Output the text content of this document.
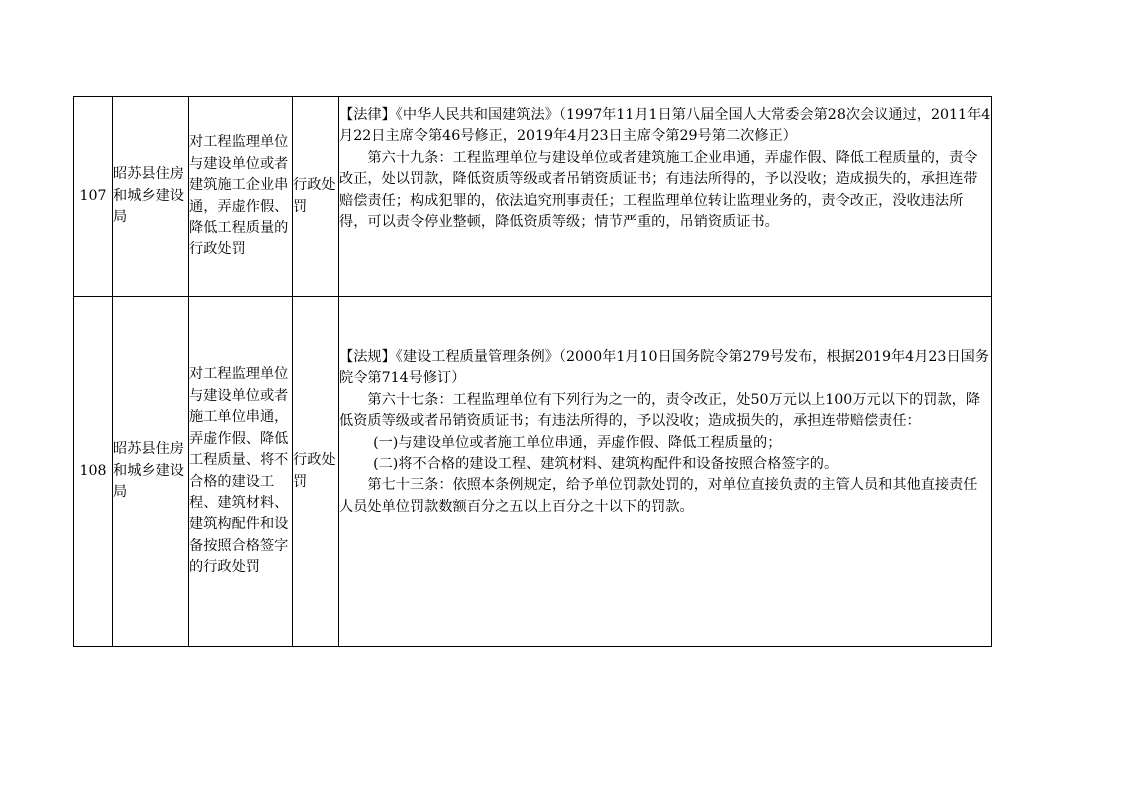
107	昭苏县住房和城乡建设局	对工程监理单位与建设单位或者建筑施工企业串通，弄虚作假、降低工程质量的行政处罚	行政处罚	【法律】《中华人民共和国建筑法》（1997年11月1日第八届全国人大常委会第28次会议通过，2011年4月22日主席令第46号修正，2019年4月23日主席令第29号第二次修正）
第六十九条：工程监理单位与建设单位或者建筑施工企业串通，弄虚作假、降低工程质量的，责令改正，处以罚款，降低资质等级或者吊销资质证书；有违法所得的，予以没收；造成损失的，承担连带赔偿责任；构成犯罪的，依法追究刑事责任；工程监理单位转让监理业务的，责令改正，没收违法所得，可以责令停业整顿，降低资质等级；情节严重的，吊销资质证书。

108	昭苏县住房和城乡建设局	对工程监理单位与建设单位或者施工单位串通，弄虚作假、降低工程质量、将不合格的建设工程、建筑材料、建筑构配件和设备按照合格签字的行政处罚	行政处罚	【法规】《建设工程质量管理条例》（2000年1月10日国务院令第279号发布，根据2019年4月23日国务院令第714号修订）
第六十七条：工程监理单位有下列行为之一的，责令改正，处50万元以上100万元以下的罚款，降低资质等级或者吊销资质证书；有违法所得的，予以没收；造成损失的，承担连带赔偿责任：
(一)与建设单位或者施工单位串通，弄虚作假、降低工程质量的；
(二)将不合格的建设工程、建筑材料、建筑构配件和设备按照合格签字的。
第七十三条：依照本条例规定，给予单位罚款处罚的，对单位直接负责的主管人员和其他直接责任人员处单位罚款数额百分之五以上百分之十以下的罚款。
